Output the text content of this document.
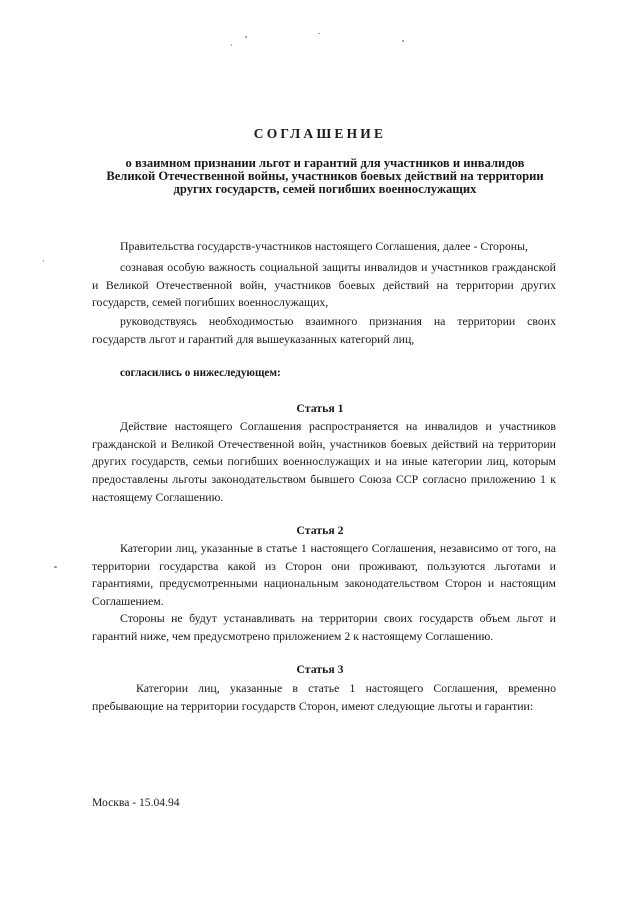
СОГЛАШЕНИЕ

о взаимном признании льгот и гарантий для участников и инвалидов Великой Отечественной войны, участников боевых действий на территории других государств, семей погибших военнослужащих

Правительства государств-участников настоящего Соглашения, далее - Стороны,

сознавая особую важность социальной защиты инвалидов и участников гражданской и Великой Отечественной войн, участников боевых действий на территории других государств, семей погибших военнослужащих,

руководствуясь необходимостью взаимного признания на территории своих государств льгот и гарантий для вышеуказанных категорий лиц,

согласились о нижеследующем:

Статья 1

Действие настоящего Соглашения распространяется на инвалидов и участников гражданской и Великой Отечественной войн, участников боевых действий на территории других государств, семьи погибших военнослужащих и на иные категории лиц, которым предоставлены льготы законодательством бывшего Союза ССР согласно приложению 1 к настоящему Соглашению.

Статья 2

Категории лиц, указанные в статье 1 настоящего Соглашения, независимо от того, на территории государства какой из Сторон они проживают, пользуются льготами и гарантиями, предусмотренными национальным законодательством Сторон и настоящим Соглашением.

Стороны не будут устанавливать на территории своих государств объем льгот и гарантий ниже, чем предусмотрено приложением 2 к настоящему Соглашению.

Статья 3

Категории лиц, указанные в статье 1 настоящего Соглашения, временно пребывающие на территории государств Сторон, имеют следующие льготы и гарантии:

Москва - 15.04.94
